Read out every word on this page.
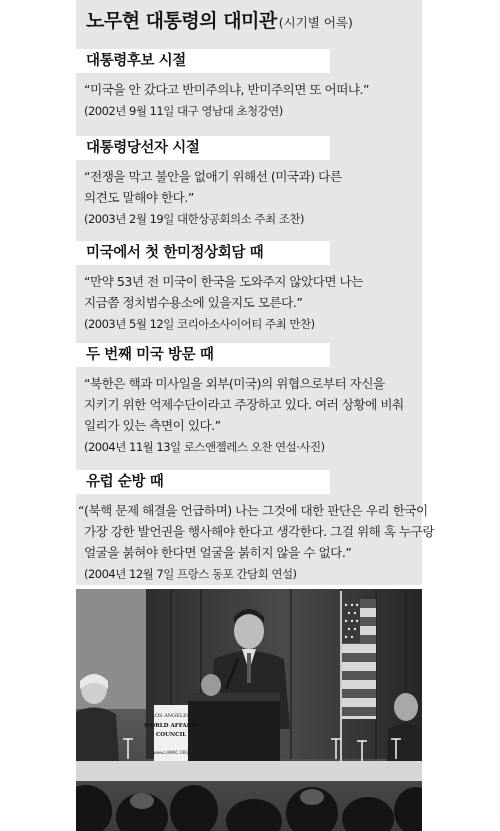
노무현 대통령의 대미관 (시기별 어록)
대통령후보 시절
“미국을 안 갔다고 반미주의냐, 반미주의면 또 어떠냐.”
(2002년 9월 11일 대구 영남대 초청강연)
대통령당선자 시절
“전쟁을 막고 불안을 없애기 위해선 (미국과) 다른
의견도 말해야 한다.”
(2003년 2월 19일 대한상공회의소 주최 조찬)
미국에서 첫 한미정상회담 때
“만약 53년 전 미국이 한국을 도와주지 않았다면 나는
지금쯤 정치범수용소에 있을지도 모른다.”
(2003년 5월 12일 코리아소사이어티 주최 만찬)
두 번째 미국 방문 때
“북한은 핵과 미사일을 외부(미국)의 위협으로부터 자신을
지키기 위한 억제수단이라고 주장하고 있다. 여러 상황에 비춰
일리가 있는 측면이 있다.”
(2004년 11월 13일 로스앤젤레스 오찬 연설·사진)
유럽 순방 때
“(북핵 문제 해결을 언급하며) 나는 그것에 대한 판단은 우리 한국이
가장 강한 발언권을 행사해야 한다고 생각한다. 그걸 위해 혹 누구랑
얼굴을 붉혀야 한다면 얼굴을 붉히지 않을 수 없다.”
(2004년 12월 7일 프랑스 동포 간담회 연설)
LOS ANGELES
WORLD AFFAIRS
COUNCIL
www.LAWAC.ORG
